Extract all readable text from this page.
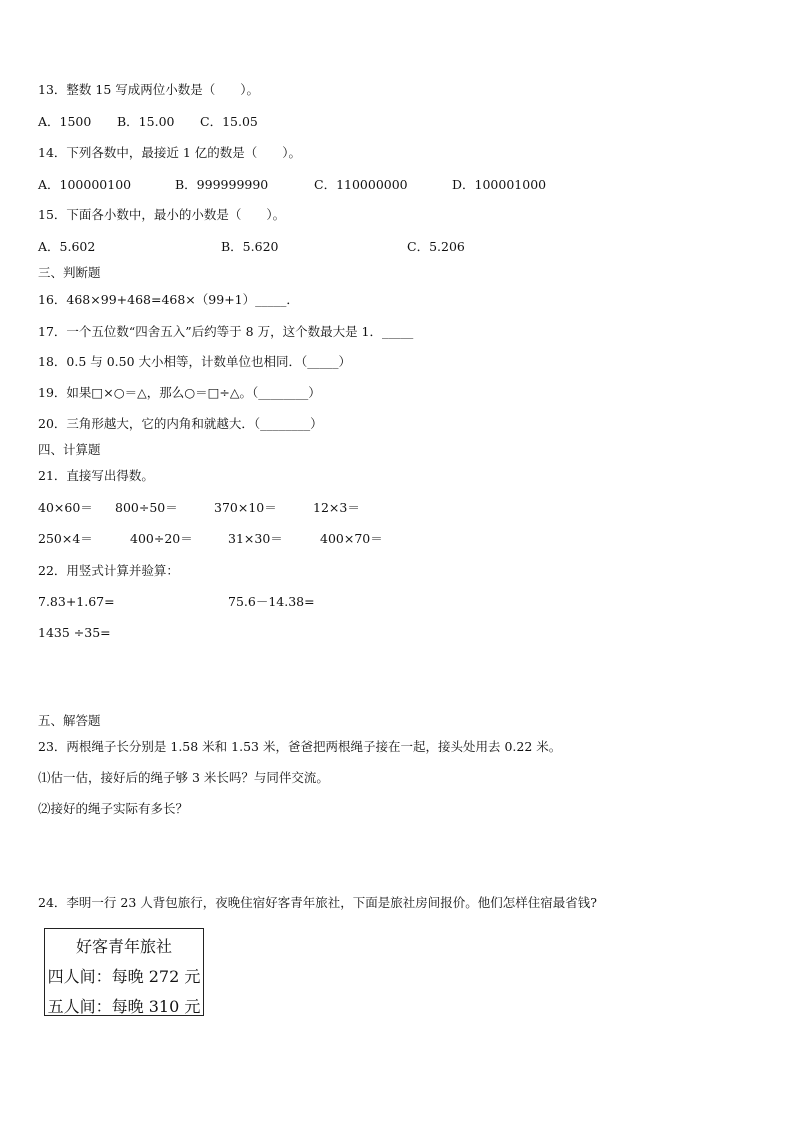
13．整数 15 写成两位小数是（　　）。
A．1500 B．15.00 C．15.05
14．下列各数中，最接近 1 亿的数是（　　）。
A．100000100	B．999999990	C．110000000	D．100001000
15．下面各小数中，最小的小数是（　　）。
A．5.602	B．5.620	C．5.206
三、判断题
16．468×99+468=468×（99+1）_____．
17．一个五位数“四舍五入”后约等于 8 万，这个数最大是 1．_____
18．0.5 与 0.50 大小相等，计数单位也相同．（_____）
19．如果□×○＝△，那么○＝□÷△。（________）
20．三角形越大，它的内角和就越大．（________）
四、计算题
21．直接写出得数。
40×60＝ 800÷50＝	370×10＝	12×3＝
250×4＝	400÷20＝	31×30＝	400×70＝
22．用竖式计算并验算：
7.83+1.67=	75.6－14.38=
1435 ÷35=
五、解答题
23．两根绳子长分别是 1.58 米和 1.53 米，爸爸把两根绳子接在一起，接头处用去 0.22 米。
⑴估一估，接好后的绳子够 3 米长吗？与同伴交流。
⑵接好的绳子实际有多长？
24．李明一行 23 人背包旅行，夜晚住宿好客青年旅社，下面是旅社房间报价。他们怎样住宿最省钱?
好客青年旅社
四人间：每晚 272 元
五人间：每晚 310 元
